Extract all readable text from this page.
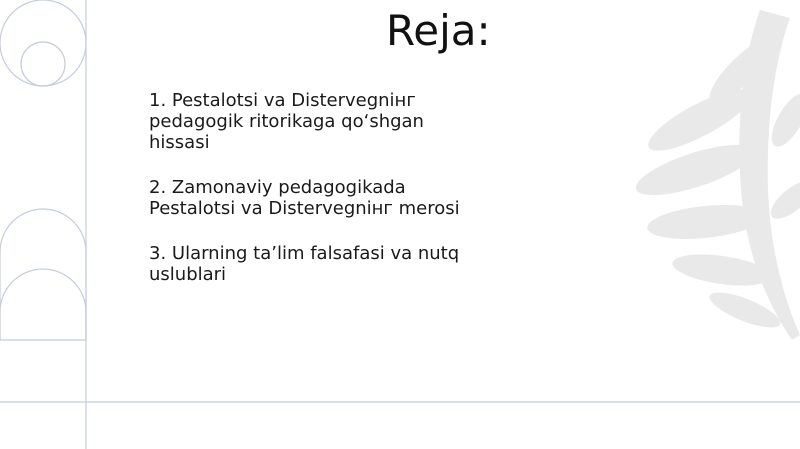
Reja:
1. Pestalotsi va Distervegnінг pedagogik ritorikaga qo‘shgan hissasi
2. Zamonaviy pedagogikada Pestalotsi va Distervegnінг merosi
3. Ularning ta’lim falsafasi va nutq uslublari
